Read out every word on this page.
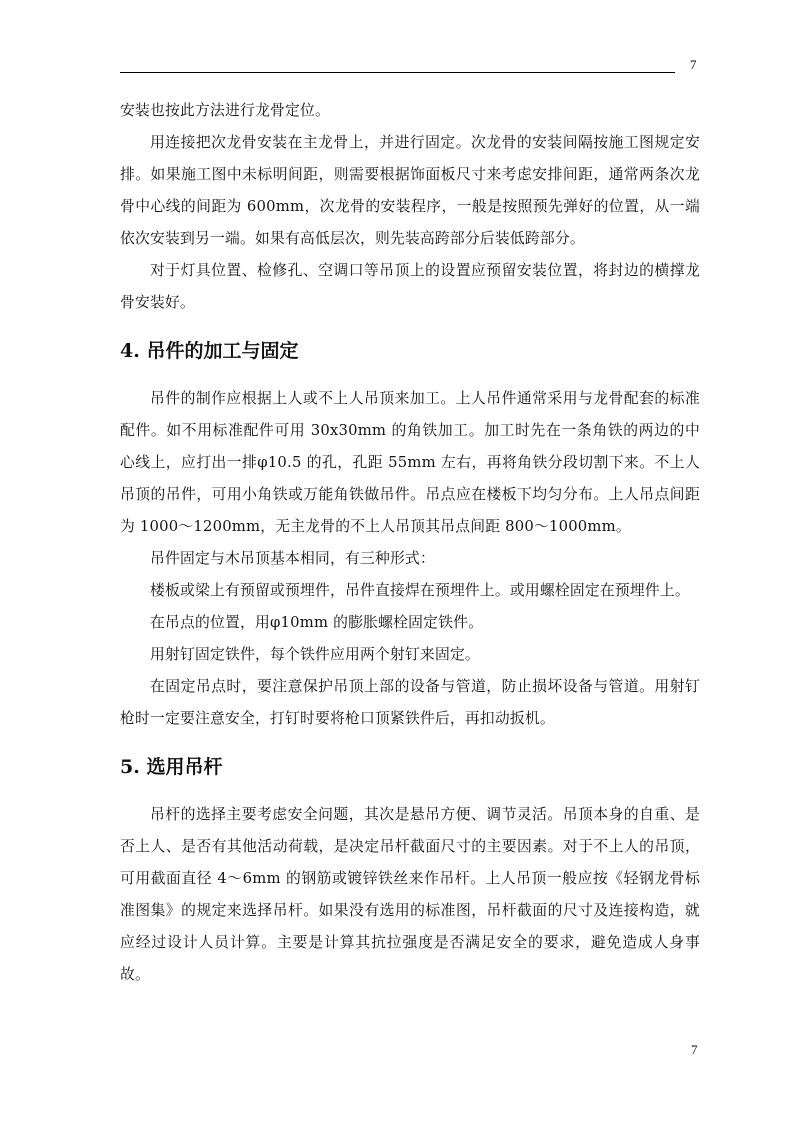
7

安装也按此方法进行龙骨定位。

用连接把次龙骨安装在主龙骨上，并进行固定。次龙骨的安装间隔按施工图规定安排。如果施工图中未标明间距，则需要根据饰面板尺寸来考虑安排间距，通常两条次龙骨中心线的间距为 600mm，次龙骨的安装程序，一般是按照预先弹好的位置，从一端依次安装到另一端。如果有高低层次，则先装高跨部分后装低跨部分。

对于灯具位置、检修孔、空调口等吊顶上的设置应预留安装位置，将封边的横撑龙骨安装好。

4. 吊件的加工与固定

吊件的制作应根据上人或不上人吊顶来加工。上人吊件通常采用与龙骨配套的标准配件。如不用标准配件可用 30x30mm 的角铁加工。加工时先在一条角铁的两边的中心线上，应打出一排φ10.5 的孔，孔距 55mm 左右，再将角铁分段切割下来。不上人吊顶的吊件，可用小角铁或万能角铁做吊件。吊点应在楼板下均匀分布。上人吊点间距为 1000～1200mm，无主龙骨的不上人吊顶其吊点间距 800～1000mm。

吊件固定与木吊顶基本相同，有三种形式：

楼板或梁上有预留或预埋件，吊件直接焊在预埋件上。或用螺栓固定在预埋件上。

在吊点的位置，用φ10mm 的膨胀螺栓固定铁件。

用射钉固定铁件，每个铁件应用两个射钉来固定。

在固定吊点时，要注意保护吊顶上部的设备与管道，防止损坏设备与管道。用射钉枪时一定要注意安全，打钉时要将枪口顶紧铁件后，再扣动扳机。

5. 选用吊杆

吊杆的选择主要考虑安全问题，其次是悬吊方便、调节灵活。吊顶本身的自重、是否上人、是否有其他活动荷载，是决定吊杆截面尺寸的主要因素。对于不上人的吊顶，可用截面直径 4～6mm 的钢筋或镀锌铁丝来作吊杆。上人吊顶一般应按《轻钢龙骨标准图集》的规定来选择吊杆。如果没有选用的标准图，吊杆截面的尺寸及连接构造，就应经过设计人员计算。主要是计算其抗拉强度是否满足安全的要求，避免造成人身事故。

7
